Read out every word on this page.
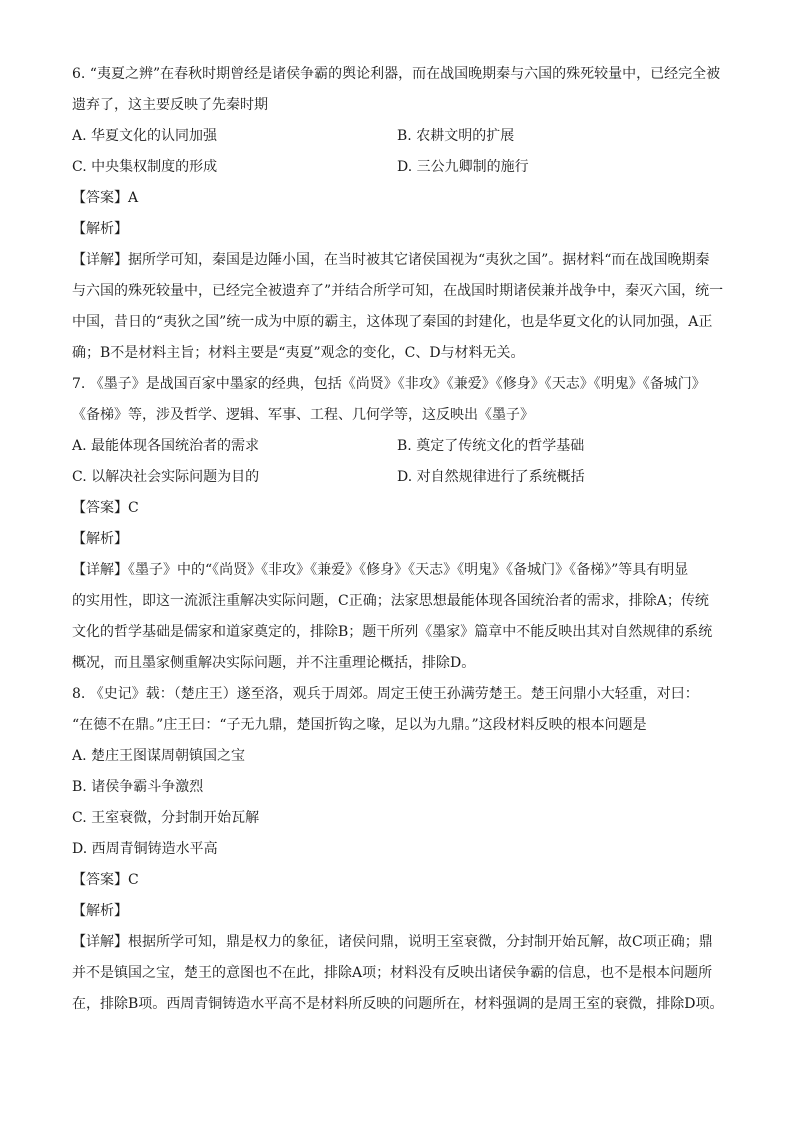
6. “夷夏之辨”在春秋时期曾经是诸侯争霸的舆论利器，而在战国晚期秦与六国的殊死较量中，已经完全被
遗弃了，这主要反映了先秦时期
A. 华夏文化的认同加强	B. 农耕文明的扩展
C. 中央集权制度的形成	D. 三公九卿制的施行
【答案】A
【解析】
【详解】据所学可知，秦国是边陲小国，在当时被其它诸侯国视为“夷狄之国”。据材料“而在战国晚期秦
与六国的殊死较量中，已经完全被遗弃了”并结合所学可知，在战国时期诸侯兼并战争中，秦灭六国，统一
中国，昔日的“夷狄之国”统一成为中原的霸主，这体现了秦国的封建化，也是华夏文化的认同加强，A正
确；B不是材料主旨；材料主要是“夷夏”观念的变化，C、D与材料无关。
7. 《墨子》是战国百家中墨家的经典，包括《尚贤》《非攻》《兼爱》《修身》《天志》《明鬼》《备城门》
《备梯》等，涉及哲学、逻辑、军事、工程、几何学等，这反映出《墨子》
A. 最能体现各国统治者的需求	B. 奠定了传统文化的哲学基础
C. 以解决社会实际问题为目的	D. 对自然规律进行了系统概括
【答案】C
【解析】
【详解】《墨子》中的“《尚贤》《非攻》《兼爱》《修身》《天志》《明鬼》《备城门》《备梯》”等具有明显
的实用性，即这一流派注重解决实际问题，C正确；法家思想最能体现各国统治者的需求，排除A；传统
文化的哲学基础是儒家和道家奠定的，排除B；题干所列《墨家》篇章中不能反映出其对自然规律的系统
概况，而且墨家侧重解决实际问题，并不注重理论概括，排除D。
8. 《史记》载：（楚庄王）遂至洛，观兵于周郊。周定王使王孙满劳楚王。楚王问鼎小大轻重，对曰：
“在德不在鼎。”庄王曰：“子无九鼎，楚国折钩之喙，足以为九鼎。”这段材料反映的根本问题是
A. 楚庄王图谋周朝镇国之宝
B. 诸侯争霸斗争激烈
C. 王室衰微，分封制开始瓦解
D. 西周青铜铸造水平高
【答案】C
【解析】
【详解】根据所学可知，鼎是权力的象征，诸侯问鼎，说明王室衰微，分封制开始瓦解，故C项正确；鼎
并不是镇国之宝，楚王的意图也不在此，排除A项；材料没有反映出诸侯争霸的信息，也不是根本问题所
在，排除B项。西周青铜铸造水平高不是材料所反映的问题所在，材料强调的是周王室的衰微，排除D项。
